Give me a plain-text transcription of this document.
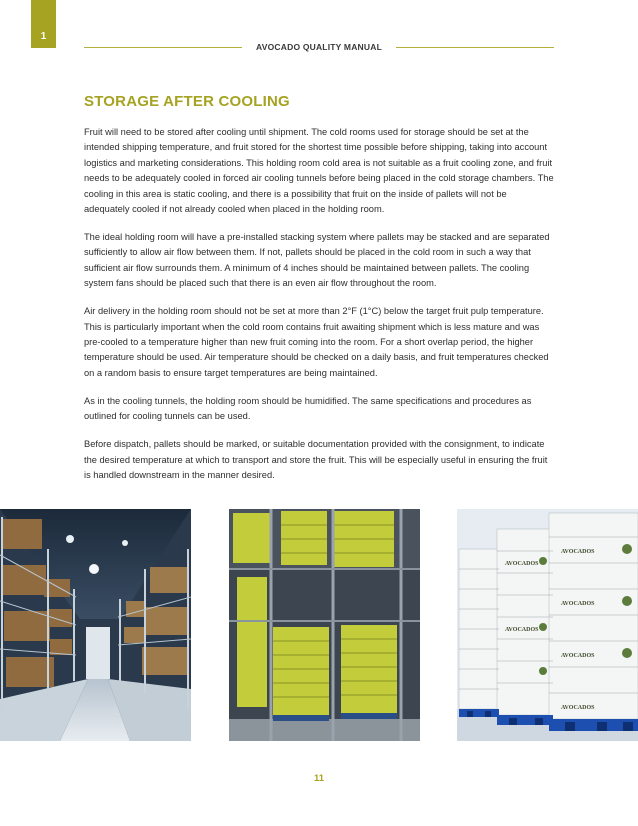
1
AVOCADO QUALITY MANUAL
STORAGE AFTER COOLING

Fruit will need to be stored after cooling until shipment. The cold rooms used for storage should be set at the intended shipping temperature, and fruit stored for the shortest time possible before shipping, taking into account logistics and marketing considerations. This holding room cold area is not suitable as a fruit cooling zone, and fruit needs to be adequately cooled in forced air cooling tunnels before being placed in the cold storage chambers. The cooling in this area is static cooling, and there is a possibility that fruit on the inside of pallets will not be adequately cooled if not already cooled when placed in the holding room.

The ideal holding room will have a pre-installed stacking system where pallets may be stacked and are separated sufficiently to allow air flow between them. If not, pallets should be placed in the cold room in such a way that sufficient air flow surrounds them. A minimum of 4 inches should be maintained between pallets. The cooling system fans should be placed such that there is an even air flow throughout the room.

Air delivery in the holding room should not be set at more than 2°F (1°C) below the target fruit pulp temperature. This is particularly important when the cold room contains fruit awaiting shipment which is less mature and was pre-cooled to a temperature higher than new fruit coming into the room. For a short overlap period, the higher temperature should be used. Air temperature should be checked on a daily basis, and fruit temperatures checked on a random basis to ensure target temperatures are being maintained.

As in the cooling tunnels, the holding room should be humidified. The same specifications and procedures as outlined for cooling tunnels can be used.

Before dispatch, pallets should be marked, or suitable documentation provided with the consignment, to indicate the desired temperature at which to transport and store the fruit. This will be especially useful in ensuring the fruit is handled downstream in the manner desired.

AVOCADOS
AVOCADOS
AVOCADOS
AVOCADOS
AVOCADOS
AVOCADOS
11
